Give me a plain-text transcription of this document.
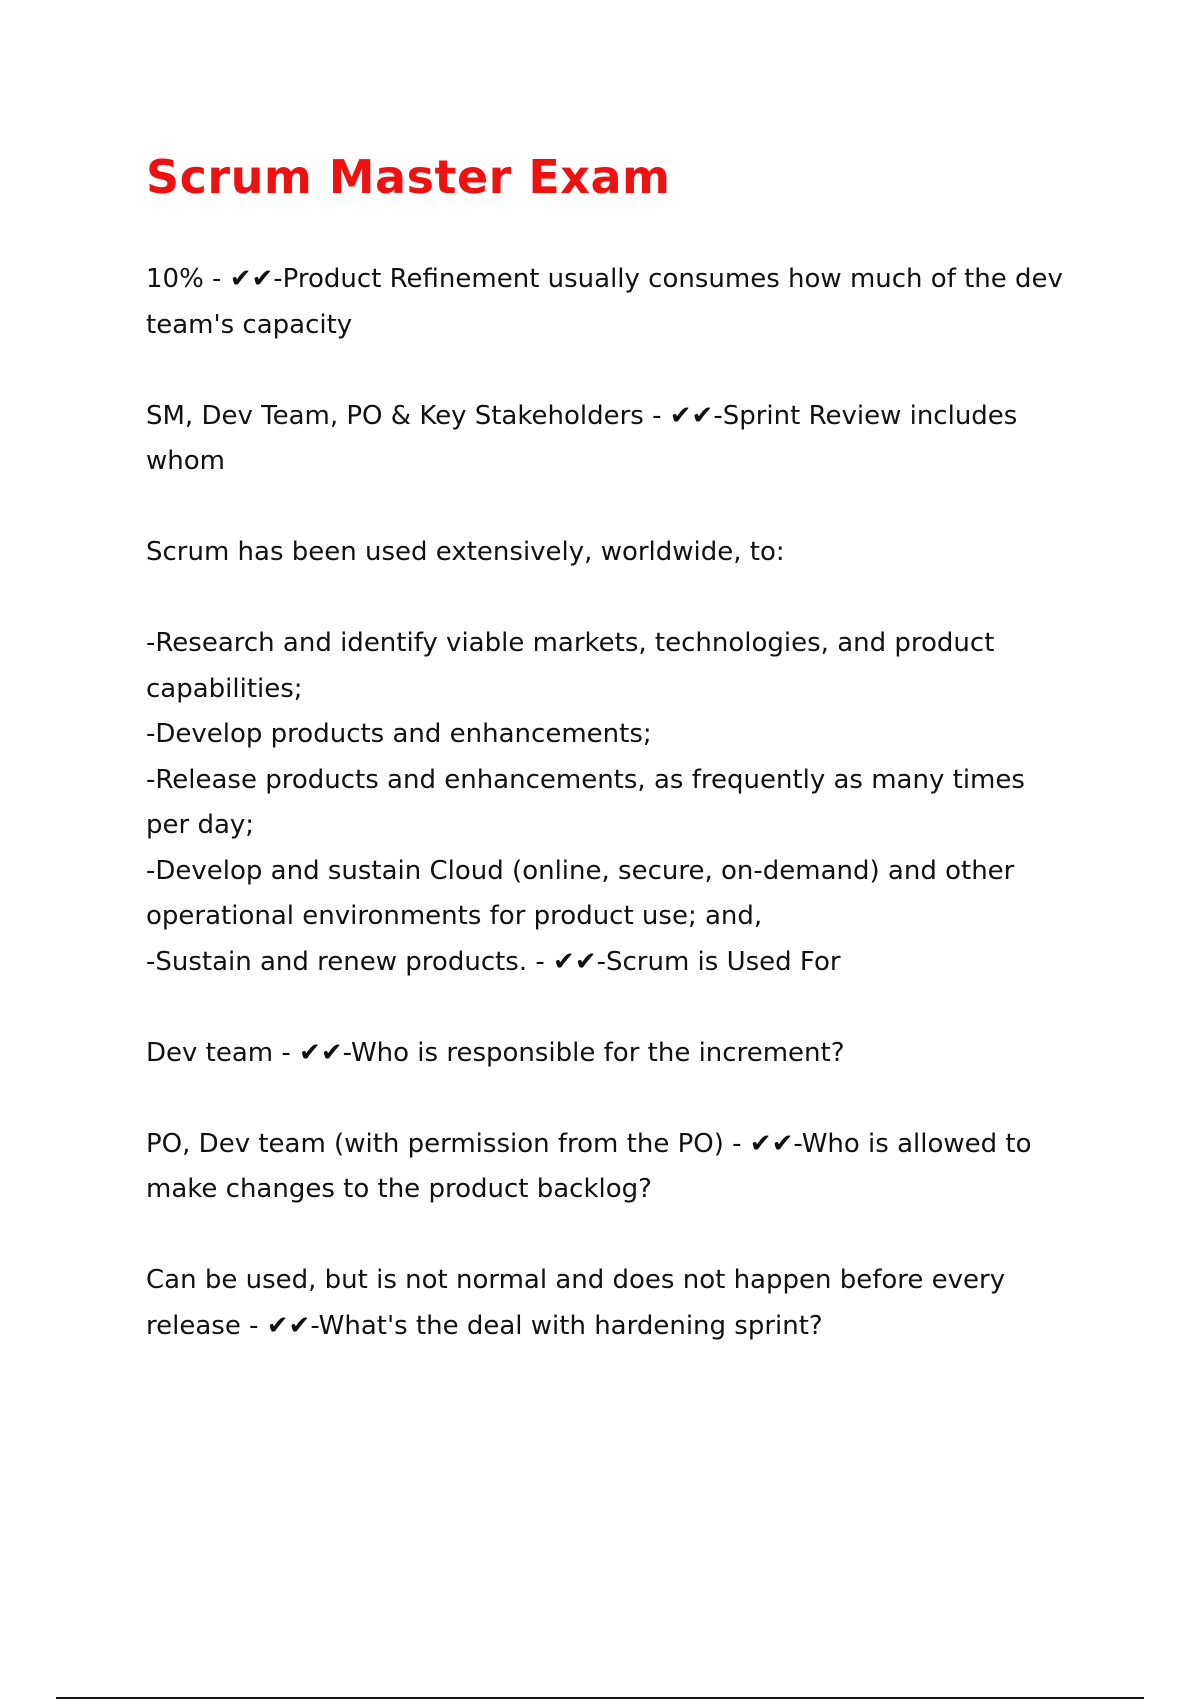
Scrum Master Exam

10% - ✔✔-Product Refinement usually consumes how much of the dev team's capacity

SM, Dev Team, PO & Key Stakeholders - ✔✔-Sprint Review includes whom

Scrum has been used extensively, worldwide, to:

-Research and identify viable markets, technologies, and product capabilities;
-Develop products and enhancements;
-Release products and enhancements, as frequently as many times per day;
-Develop and sustain Cloud (online, secure, on-demand) and other operational environments for product use; and,
-Sustain and renew products. - ✔✔-Scrum is Used For

Dev team - ✔✔-Who is responsible for the increment?

PO, Dev team (with permission from the PO) - ✔✔-Who is allowed to make changes to the product backlog?

Can be used, but is not normal and does not happen before every release - ✔✔-What's the deal with hardening sprint?
